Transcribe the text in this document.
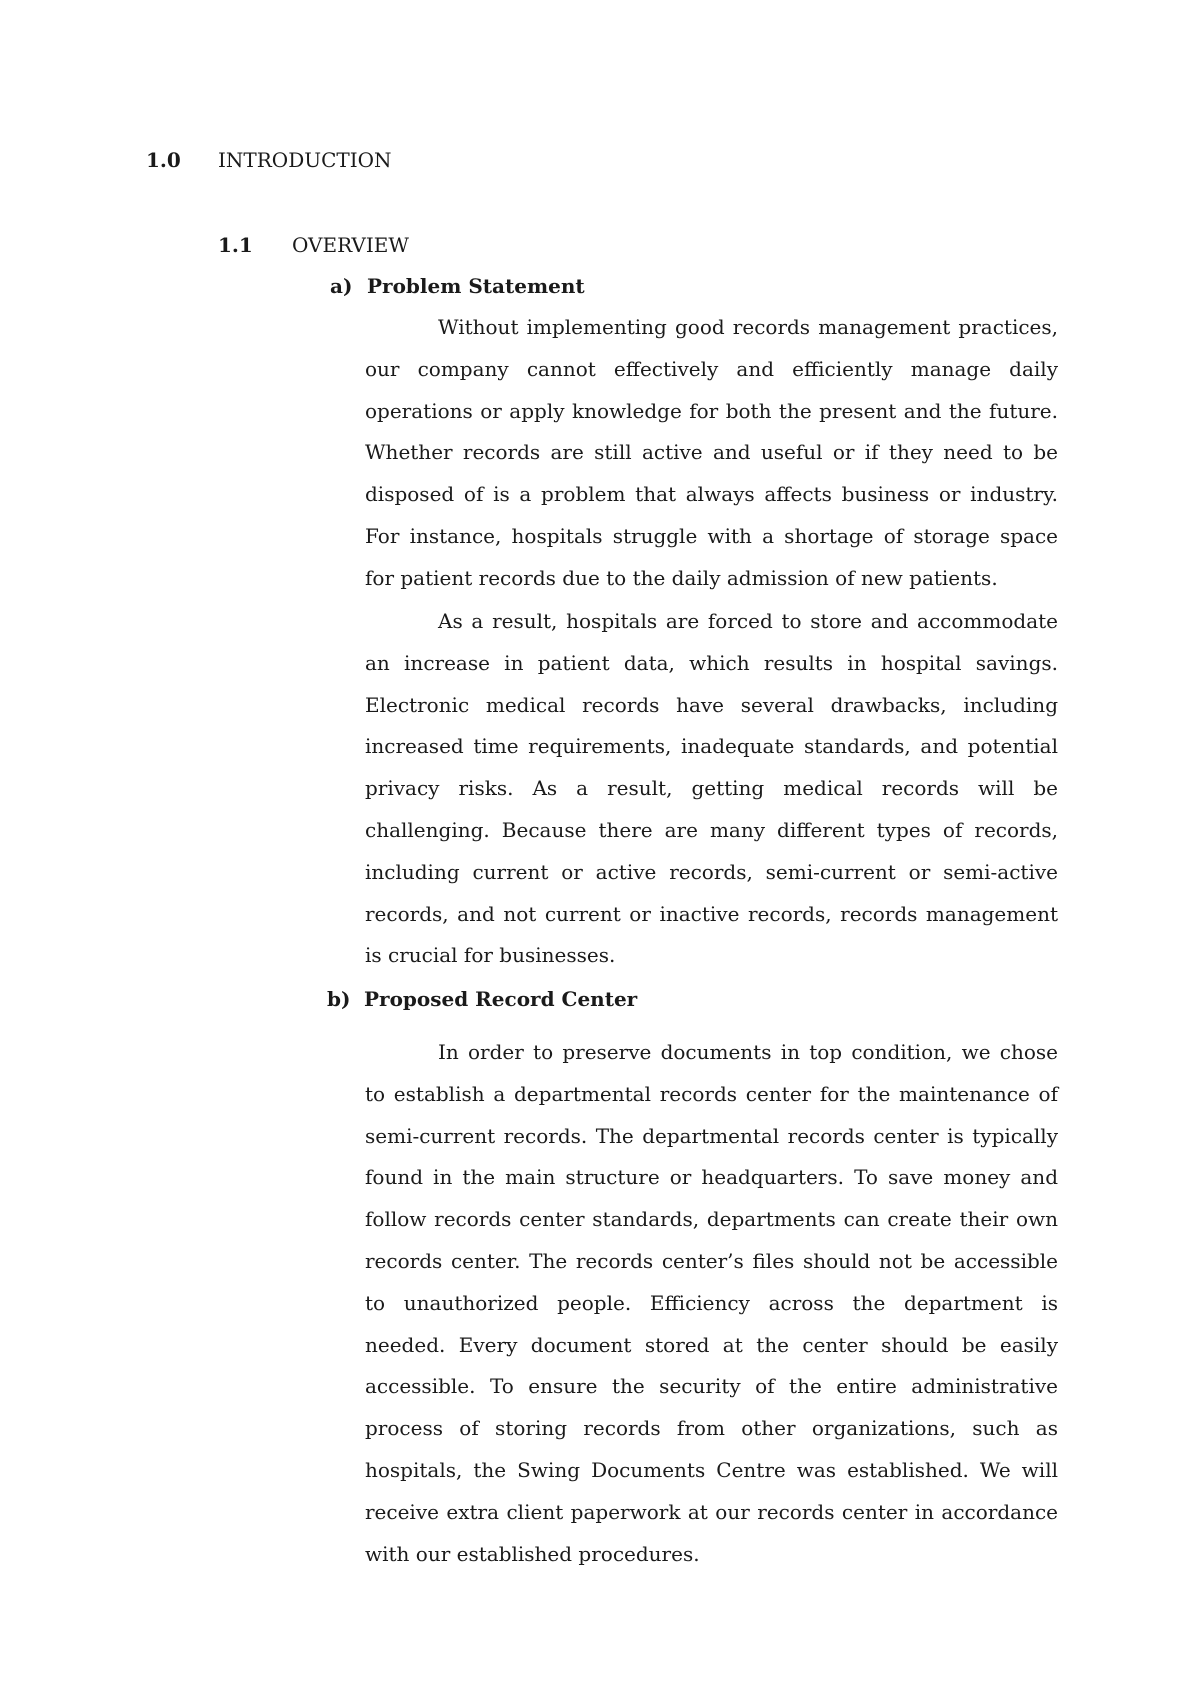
1.0 INTRODUCTION
1.1 OVERVIEW
a) Problem Statement

Without implementing good records management practices, our company cannot effectively and efficiently manage daily operations or apply knowledge for both the present and the future. Whether records are still active and useful or if they need to be disposed of is a problem that always affects business or industry. For instance, hospitals struggle with a shortage of storage space for patient records due to the daily admission of new patients.

As a result, hospitals are forced to store and accommodate an increase in patient data, which results in hospital savings. Electronic medical records have several drawbacks, including increased time requirements, inadequate standards, and potential privacy risks. As a result, getting medical records will be challenging. Because there are many different types of records, including current or active records, semi-current or semi-active records, and not current or inactive records, records management is crucial for businesses.

b) Proposed Record Center

In order to preserve documents in top condition, we chose to establish a departmental records center for the maintenance of semi-current records. The departmental records center is typically found in the main structure or headquarters. To save money and follow records center standards, departments can create their own records center. The records center’s files should not be accessible to unauthorized people. Efficiency across the department is needed. Every document stored at the center should be easily accessible. To ensure the security of the entire administrative process of storing records from other organizations, such as hospitals, the Swing Documents Centre was established. We will receive extra client paperwork at our records center in accordance with our established procedures.
